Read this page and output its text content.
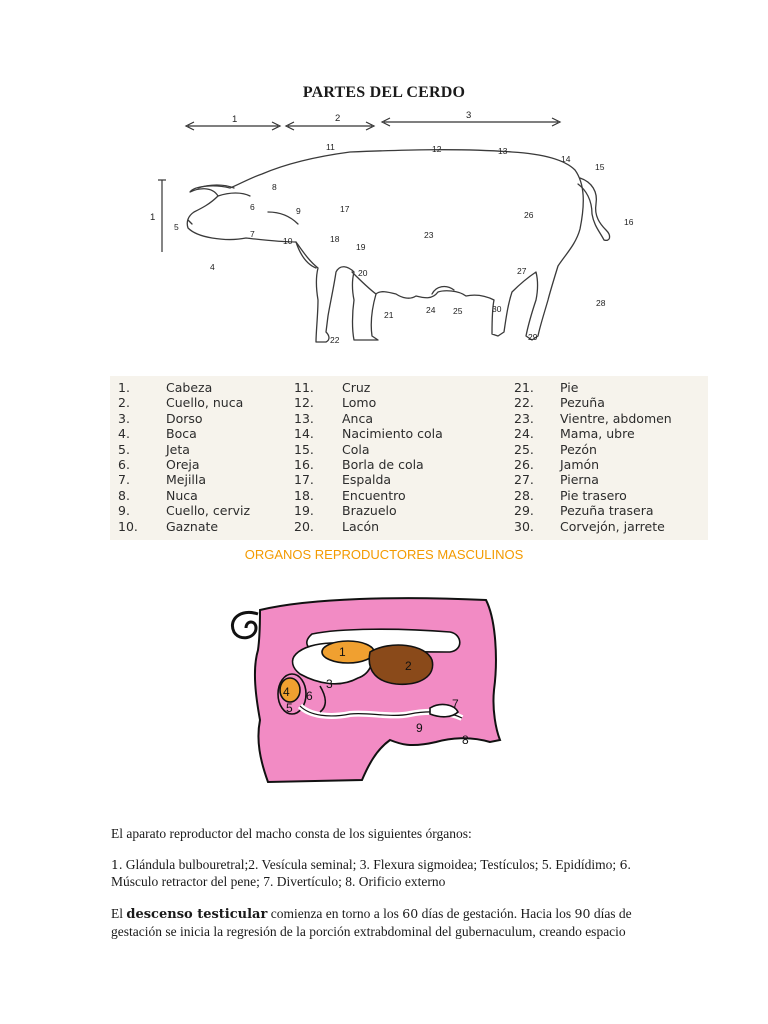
PARTES DEL CERDO
1	2	3
1
11	12	13
14
15
8
6	9	17
26
16
5
7
10	18
19
23
4
20	27
28
24 25	30
21
22	29
1.	Cabeza
2.	Cuello, nuca
3.	Dorso
4.	Boca
5.	Jeta
6.	Oreja
7.	Mejilla
8.	Nuca
9.	Cuello, cerviz
10. Gaznate
11. Cruz
12. Lomo
13. Anca
14. Nacimiento cola
15. Cola
16. Borla de cola
17. Espalda
18. Encuentro
19. Brazuelo
20. Lacón
21. Pie
22. Pezuña
23. Vientre, abdomen
24. Mama, ubre
25. Pezón
26. Jamón
27. Pierna
28. Pie trasero
29. Pezuña trasera
30. Corvejón, jarrete
ORGANOS REPRODUCTORES MASCULINOS
1
2
3
4
5
6
7
8
9
El aparato reproductor del macho consta de los siguientes órganos:
1. Glándula bulbouretral;2. Vesícula seminal; 3. Flexura sigmoidea; Testículos; 5. Epidídimo; 6. Músculo retractor del pene; 7. Divertículo; 8. Orificio externo
El descenso testicular comienza en torno a los 60 días de gestación. Hacia los 90 días de gestación se inicia la regresión de la porción extrabdominal del gubernaculum, creando espacio
